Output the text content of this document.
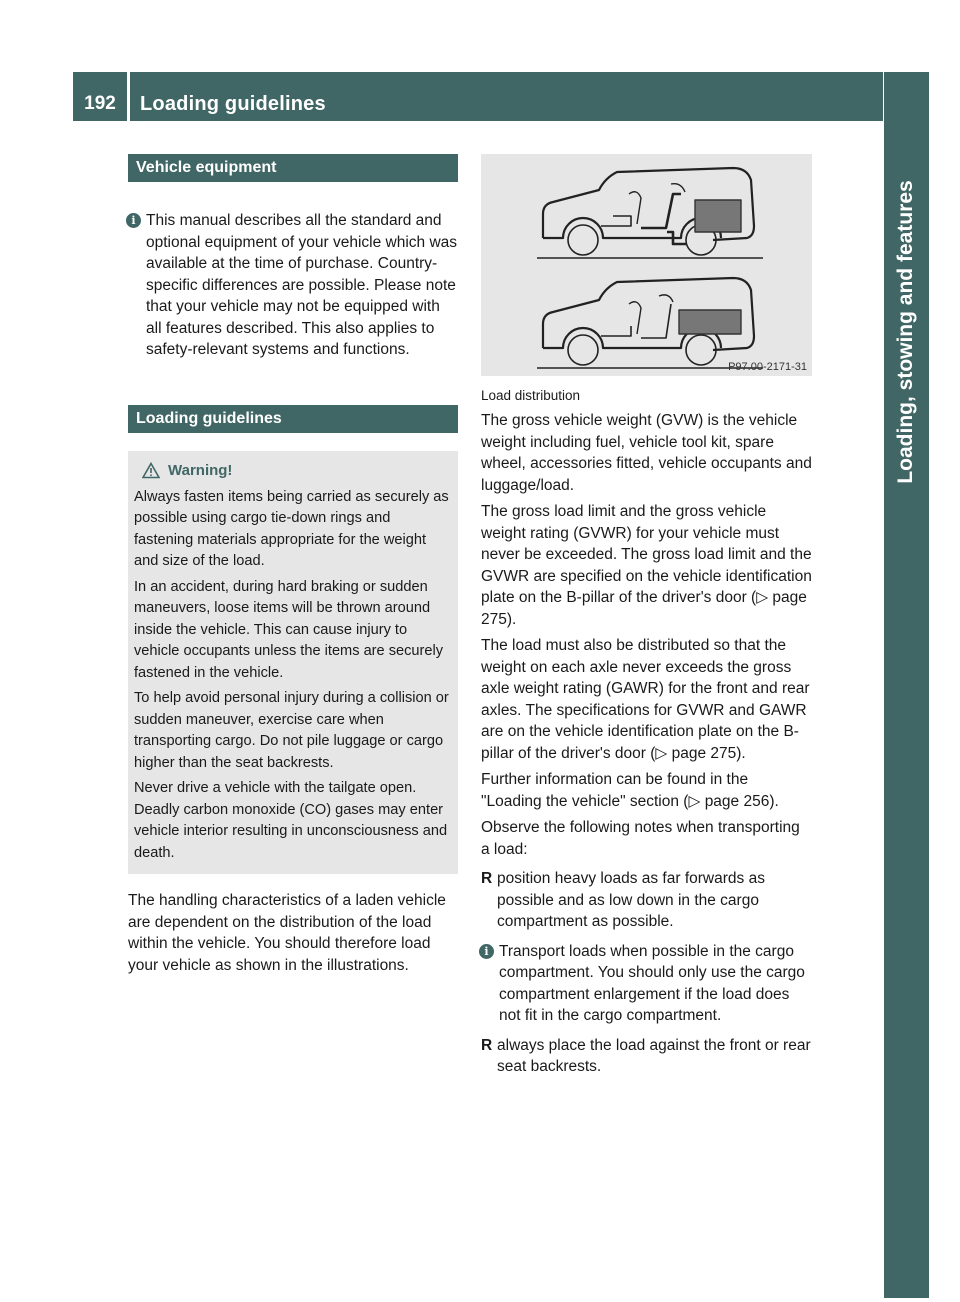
192	Loading guidelines
Loading, stowing and features
Vehicle equipment

i This manual describes all the standard and optional equipment of your vehicle which was available at the time of purchase. Country-specific differences are possible. Please note that your vehicle may not be equipped with all features described. This also applies to safety-relevant systems and functions.

Loading guidelines
Warning!

Always fasten items being carried as securely as possible using cargo tie-down rings and fastening materials appropriate for the weight and size of the load.

In an accident, during hard braking or sudden maneuvers, loose items will be thrown around inside the vehicle. This can cause injury to vehicle occupants unless the items are securely fastened in the vehicle.

To help avoid personal injury during a collision or sudden maneuver, exercise care when transporting cargo. Do not pile luggage or cargo higher than the seat backrests.

Never drive a vehicle with the tailgate open. Deadly carbon monoxide (CO) gases may enter vehicle interior resulting in unconsciousness and death.

The handling characteristics of a laden vehicle are dependent on the distribution of the load within the vehicle. You should therefore load your vehicle as shown in the illustrations.

P97.00-2171-31
Load distribution

The gross vehicle weight (GVW) is the vehicle weight including fuel, vehicle tool kit, spare wheel, accessories fitted, vehicle occupants and luggage/load.

The gross load limit and the gross vehicle weight rating (GVWR) for your vehicle must never be exceeded. The gross load limit and the GVWR are specified on the vehicle identification plate on the B-pillar of the driver's door (▷ page 275).

The load must also be distributed so that the weight on each axle never exceeds the gross axle weight rating (GAWR) for the front and rear axles. The specifications for GVWR and GAWR are on the vehicle identification plate on the B-pillar of the driver's door (▷ page 275).

Further information can be found in the "Loading the vehicle" section (▷ page 256).

Observe the following notes when transporting a load:

R position heavy loads as far forwards as possible and as low down in the cargo compartment as possible.

i Transport loads when possible in the cargo compartment. You should only use the cargo compartment enlargement if the load does not fit in the cargo compartment.

R always place the load against the front or rear seat backrests.
